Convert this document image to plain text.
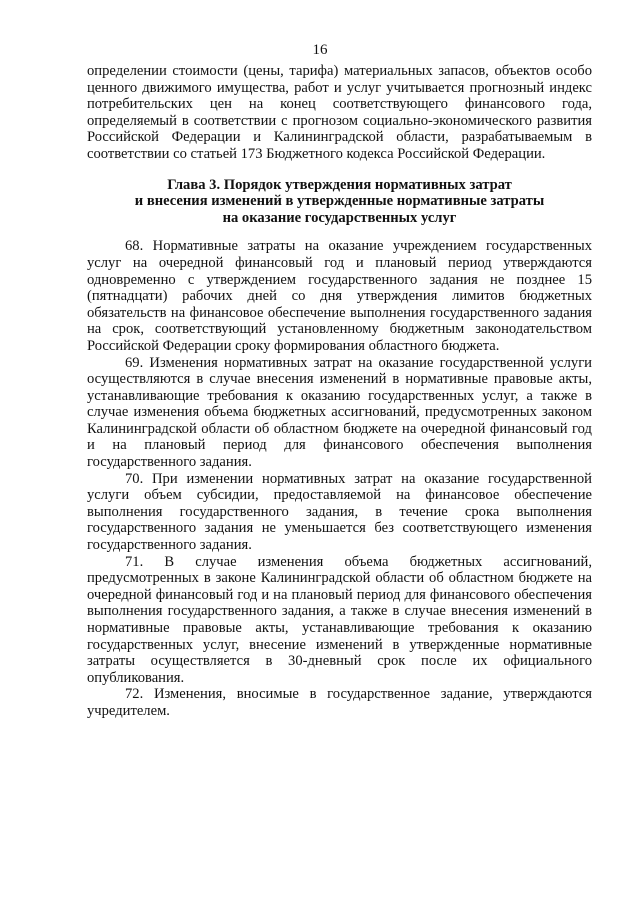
16

определении стоимости (цены, тарифа) материальных запасов, объектов особо ценного движимого имущества, работ и услуг учитывается прогнозный индекс потребительских цен на конец соответствующего финансового года, определяемый в соответствии с прогнозом социально-экономического развития Российской Федерации и Калининградской области, разрабатываемым в соответствии со статьей 173 Бюджетного кодекса Российской Федерации.

Глава 3. Порядок утверждения нормативных затрат
и внесения изменений в утвержденные нормативные затраты
на оказание государственных услуг

68. Нормативные затраты на оказание учреждением государственных услуг на очередной финансовый год и плановый период утверждаются одновременно с утверждением государственного задания не позднее 15 (пятнадцати) рабочих дней со дня утверждения лимитов бюджетных обязательств на финансовое обеспечение выполнения государственного задания на срок, соответствующий установленному бюджетным законодательством Российской Федерации сроку формирования областного бюджета.

69. Изменения нормативных затрат на оказание государственной услуги осуществляются в случае внесения изменений в нормативные правовые акты, устанавливающие требования к оказанию государственных услуг, а также в случае изменения объема бюджетных ассигнований, предусмотренных законом Калининградской области об областном бюджете на очередной финансовый год и на плановый период для финансового обеспечения выполнения государственного задания.

70. При изменении нормативных затрат на оказание государственной услуги объем субсидии, предоставляемой на финансовое обеспечение выполнения государственного задания, в течение срока выполнения государственного задания не уменьшается без соответствующего изменения государственного задания.

71. В случае изменения объема бюджетных ассигнований, предусмотренных в законе Калининградской области об областном бюджете на очередной финансовый год и на плановый период для финансового обеспечения выполнения государственного задания, а также в случае внесения изменений в нормативные правовые акты, устанавливающие требования к оказанию государственных услуг, внесение изменений в утвержденные нормативные затраты осуществляется в 30-дневный срок после их официального опубликования.

72. Изменения, вносимые в государственное задание, утверждаются учредителем.
